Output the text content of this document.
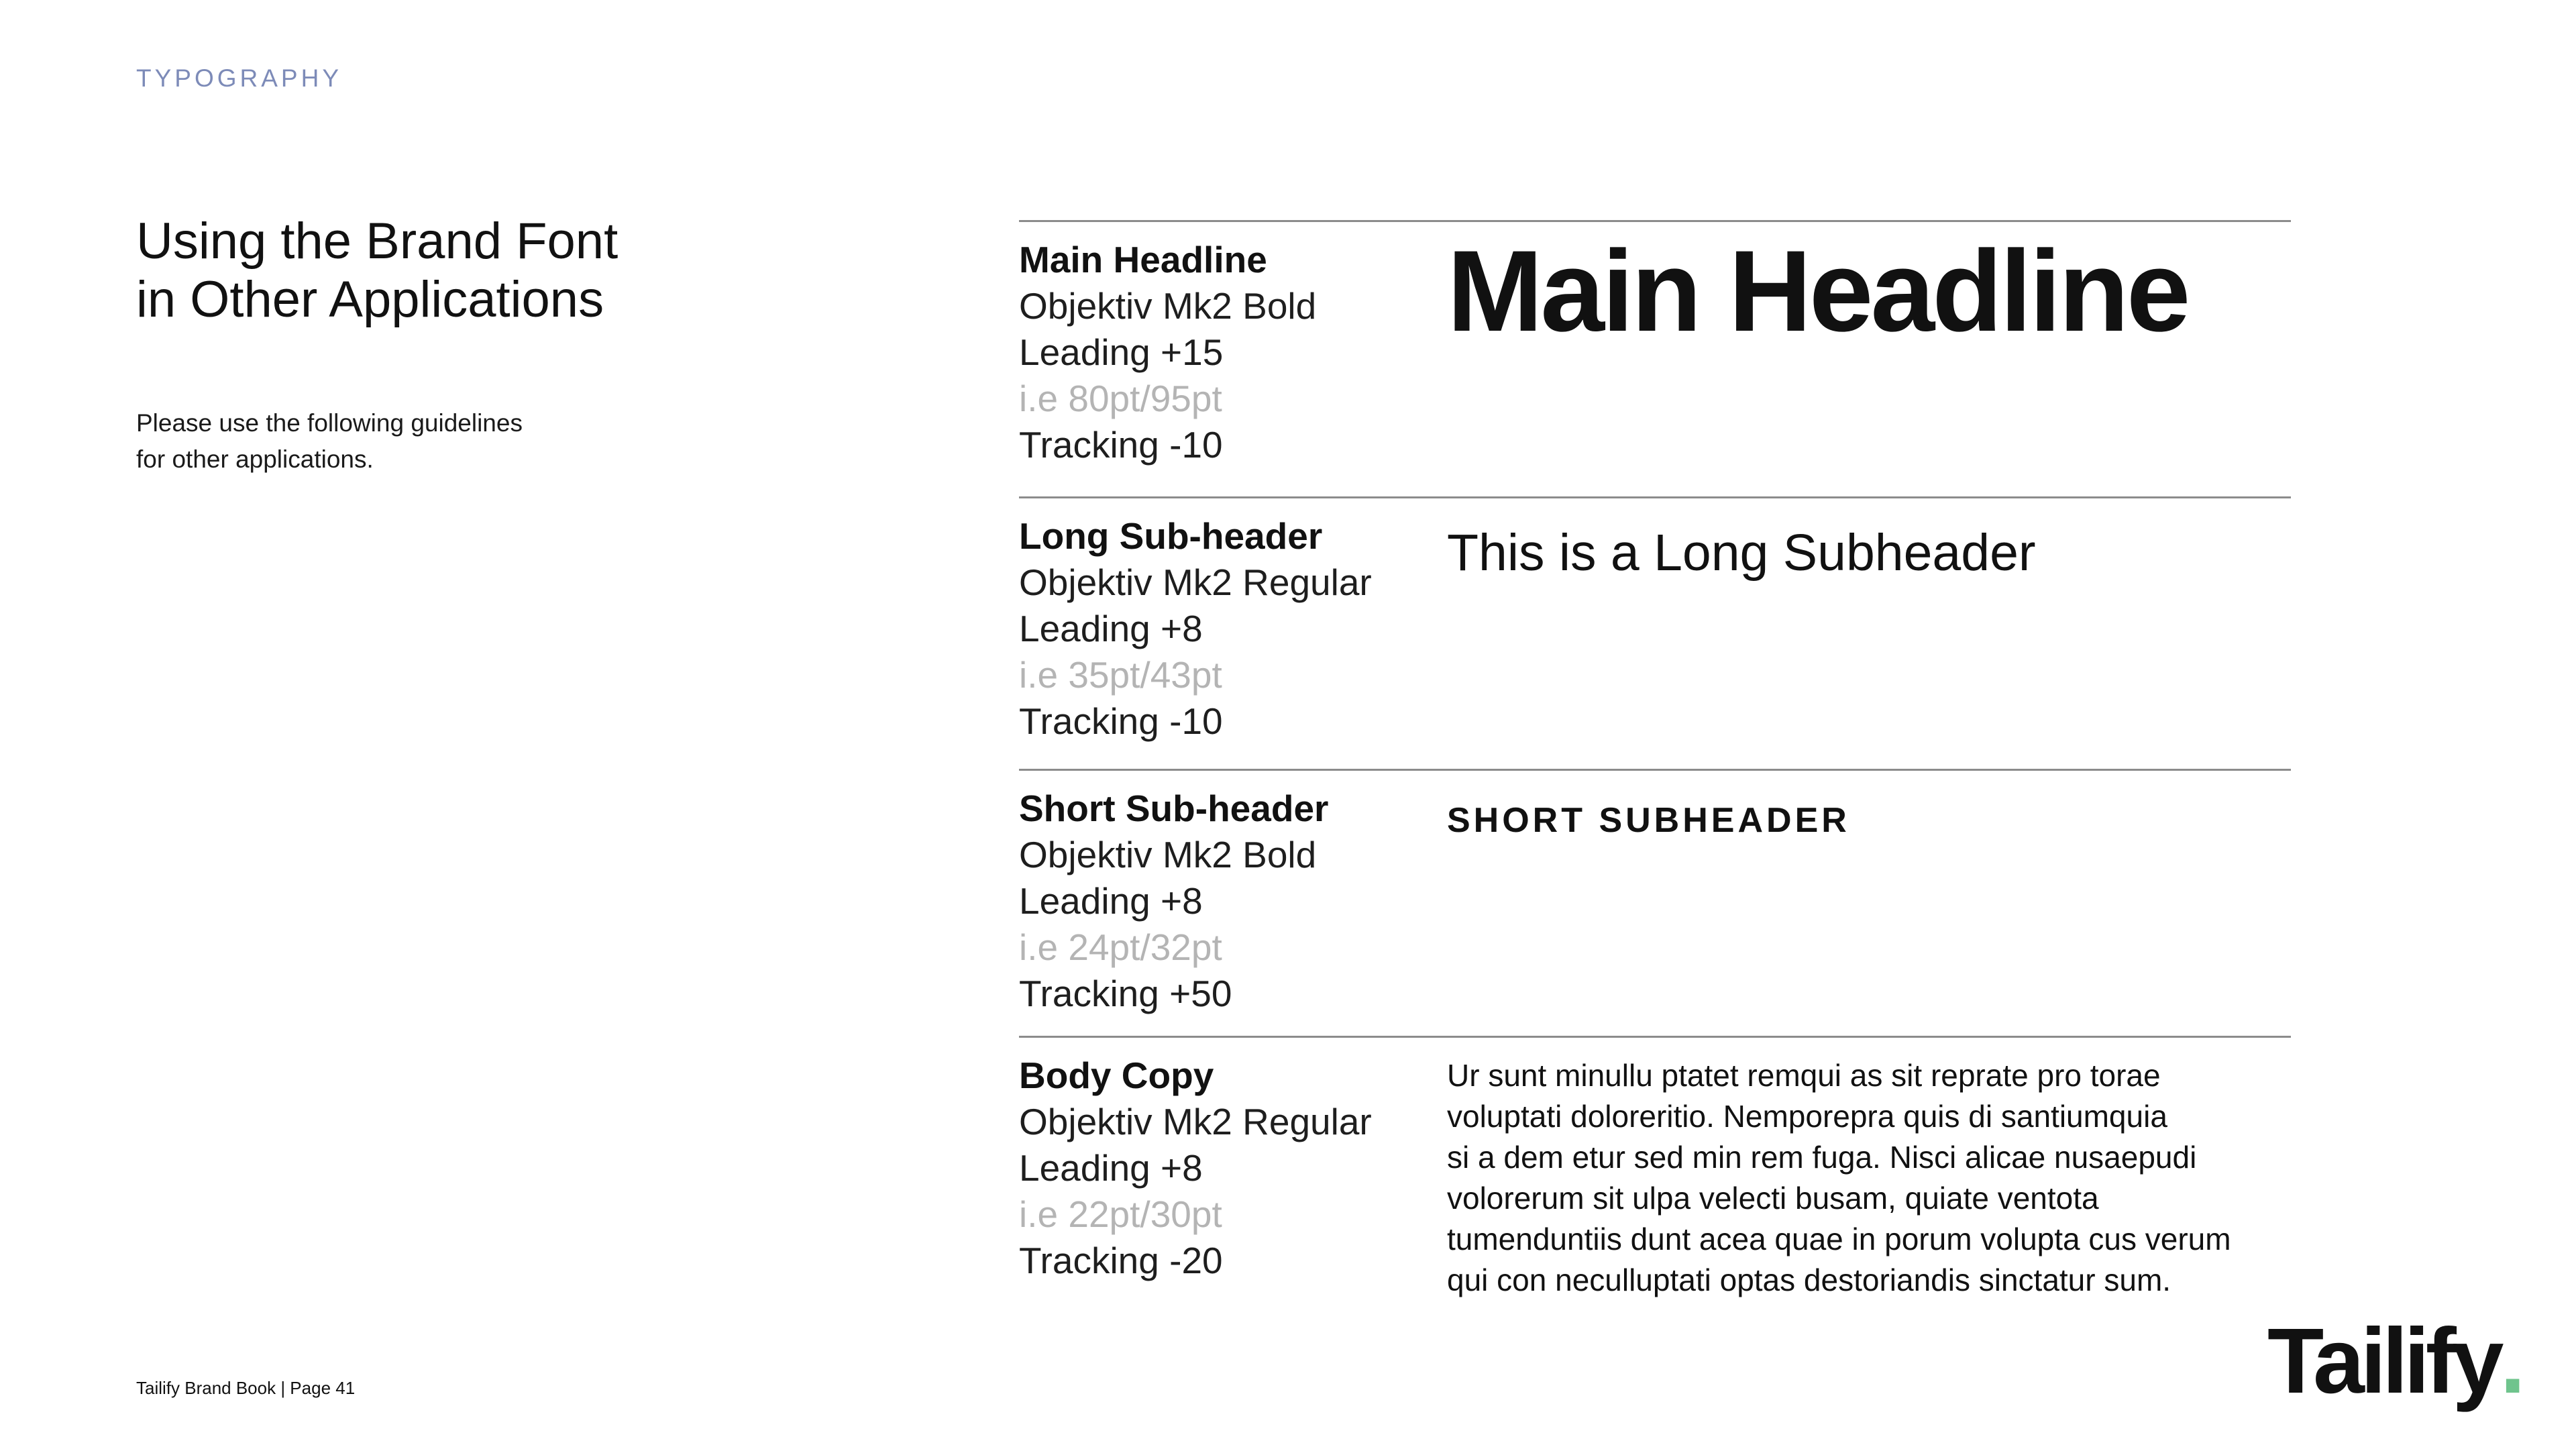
TYPOGRAPHY
Using the Brand Font
in Other Applications

Please use the following guidelines
for other applications.

Main Headline
Objektiv Mk2 Bold
Leading +15
i.e 80pt/95pt
Tracking -10
Main Headline
Long Sub-header
Objektiv Mk2 Regular
Leading +8
i.e 35pt/43pt
Tracking -10
This is a Long Subheader
Short Sub-header
Objektiv Mk2 Bold
Leading +8
i.e 24pt/32pt
Tracking +50
SHORT SUBHEADER
Body Copy
Objektiv Mk2 Regular
Leading +8
i.e 22pt/30pt
Tracking -20
Ur sunt minullu ptatet remqui as sit reprate pro torae
voluptati doloreritio. Nemporepra quis di santiumquia
si a dem etur sed min rem fuga. Nisci alicae nusaepudi
volorerum sit ulpa velecti busam, quiate ventota
tumenduntiis dunt acea quae in porum volupta cus verum
qui con neculluptati optas destoriandis sinctatur sum.
Tailify Brand Book | Page 41	Tailify.
